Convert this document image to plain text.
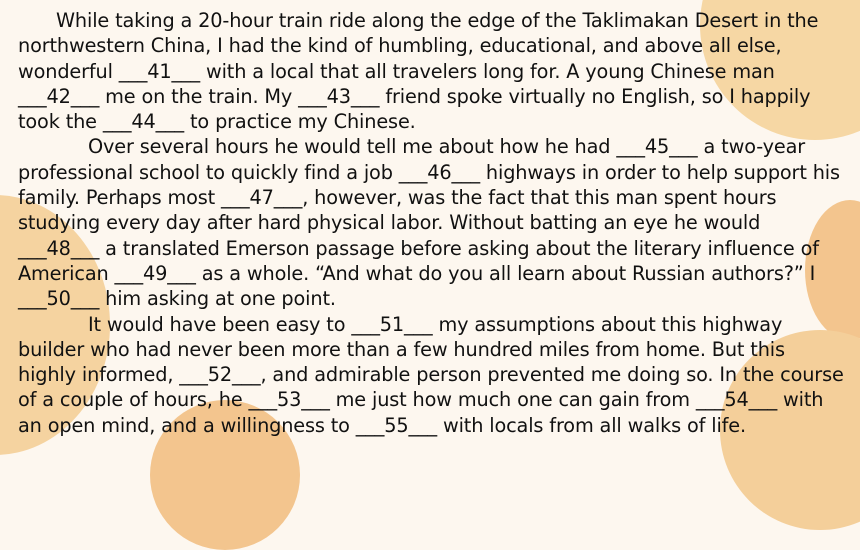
While taking a 20-hour train ride along the edge of the Taklimakan Desert in the northwestern China, I had the kind of humbling, educational, and above all else, wonderful ___41___ with a local that all travelers long for. A young Chinese man ___42___ me on the train. My ___43___ friend spoke virtually no English, so I happily took the ___44___ to practice my Chinese.

Over several hours he would tell me about how he had ___45___ a two-year professional school to quickly find a job ___46___ highways in order to help support his family. Perhaps most ___47___, however, was the fact that this man spent hours studying every day after hard physical labor. Without batting an eye he would ___48___ a translated Emerson passage before asking about the literary influence of American ___49___ as a whole. “And what do you all learn about Russian authors?” I ___50___ him asking at one point.

It would have been easy to ___51___ my assumptions about this highway builder who had never been more than a few hundred miles from home. But this highly informed, ___52___, and admirable person prevented me doing so. In the course of a couple of hours, he ___53___ me just how much one can gain from ___54___ with an open mind, and a willingness to ___55___ with locals from all walks of life.
